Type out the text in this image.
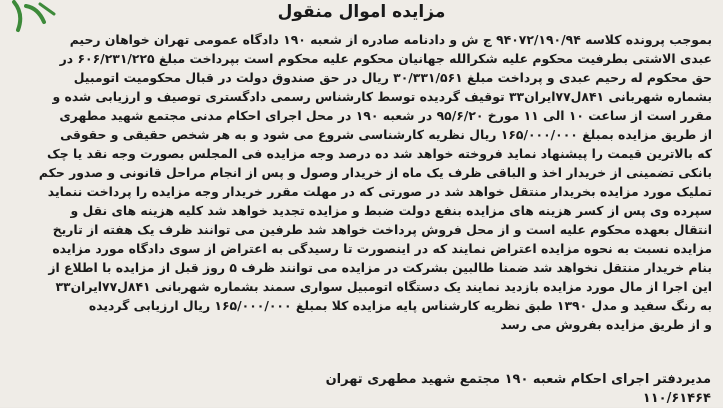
مزایده اموال منقول
بموجب پرونده کلاسه ۹۴۰۷۲/۱۹۰/۹۴ ج ش و دادنامه صادره از شعبه ۱۹۰ دادگاه عمومی تهران خواهان رحیم
عبدی الاشتی بطرفیت محکوم علیه شکرالله جهانیان محکوم علیه محکوم است بپرداخت مبلغ ۶۰۶/۲۳۱/۲۲۵ در
حق محکوم له رحیم عبدی و پرداخت مبلغ ۳۰/۳۳۱/۵۶۱ ریال در حق صندوق دولت در قبال محکومیت اتومبیل
بشماره شهربانی ۸۴۱ل۷۷ایران۳۳ توقیف گردیده توسط کارشناس رسمی دادگستری توصیف و ارزیابی شده و
مقرر است از ساعت ۱۰ الی ۱۱ مورخ ۹۵/۶/۲۰ در شعبه ۱۹۰ در محل اجرای احکام مدنی مجتمع شهید مطهری
از طریق مزایده بمبلغ ۱۶۵/۰۰۰/۰۰۰ ریال نظریه کارشناسی شروع می شود و به هر شخص حقیقی و حقوقی
که بالاترین قیمت را پیشنهاد نماید فروخته خواهد شد ده درصد وجه مزایده فی المجلس بصورت وجه نقد یا چک
بانکی تضمینی از خریدار اخذ و الباقی ظرف یک ماه از خریدار وصول و پس از انجام مراحل قانونی و صدور حکم
تملیک مورد مزایده بخریدار منتقل خواهد شد در صورتی که در مهلت مقرر خریدار وجه مزایده را پرداخت ننماید
سپرده وی پس از کسر هزینه های مزایده بنفع دولت ضبط و مزایده تجدید خواهد شد کلیه هزینه های نقل و
انتقال بعهده محکوم علیه است و از محل فروش پرداخت خواهد شد طرفین می توانند ظرف یک هفته از تاریخ
مزایده نسبت به نحوه مزایده اعتراض نمایند که در اینصورت تا رسیدگی به اعتراض از سوی دادگاه مورد مزایده
بنام خریدار منتقل نخواهد شد ضمنا طالبین بشرکت در مزایده می توانند ظرف ۵ روز قبل از مزایده با اطلاع از
این اجرا از مال مورد مزایده بازدید نمایند یک دستگاه اتومبیل سواری سمند بشماره شهربانی ۸۴۱ل۷۷ایران۳۳
به رنگ سفید و مدل ۱۳۹۰ طبق نظریه کارشناس پایه مزایده کلا بمبلغ ۱۶۵/۰۰۰/۰۰۰ ریال ارزیابی گردیده
و از طریق مزایده بفروش می رسد
مدیردفتر اجرای احکام شعبه ۱۹۰ مجتمع شهید مطهری تهران
۱۱۰/۶۱۴۶۴
